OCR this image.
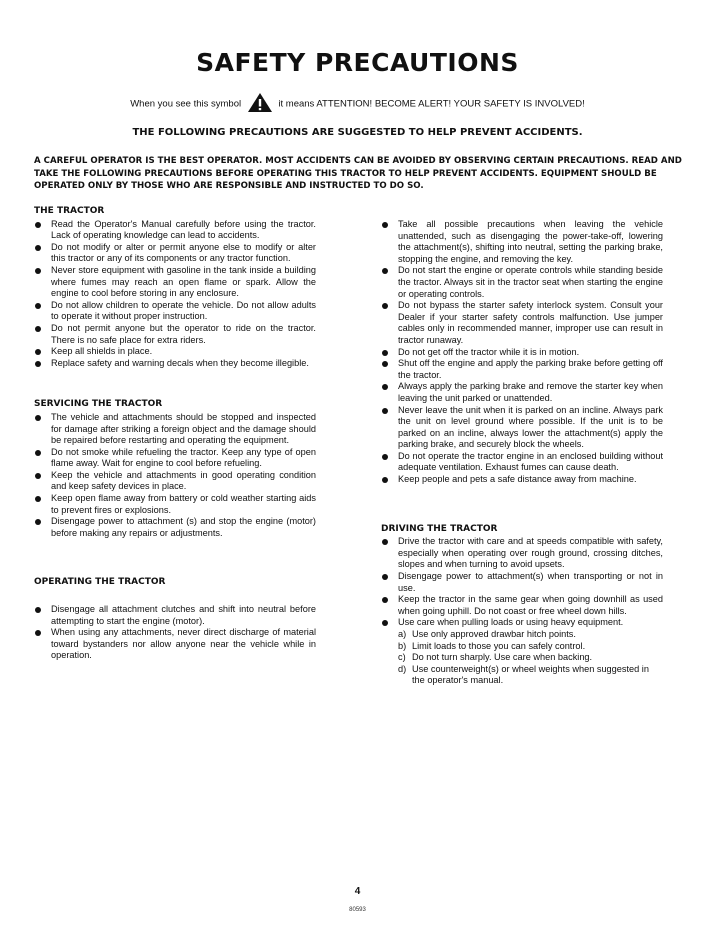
SAFETY PRECAUTIONS
When you see this symbol	it means ATTENTION! BECOME ALERT! YOUR SAFETY IS INVOLVED!
THE FOLLOWING PRECAUTIONS ARE SUGGESTED TO HELP PREVENT ACCIDENTS.
A CAREFUL OPERATOR IS THE BEST OPERATOR. MOST ACCIDENTS CAN BE AVOIDED BY OBSERVING CERTAIN PRECAUTIONS. READ AND TAKE THE FOLLOWING PRECAUTIONS BEFORE OPERATING THIS TRACTOR TO HELP PREVENT ACCIDENTS. EQUIPMENT SHOULD BE OPERATED ONLY BY THOSE WHO ARE RESPONSIBLE AND INSTRUCTED TO DO SO.
THE TRACTOR
Read the Operator's Manual carefully before using the tractor. Lack of operating knowledge can lead to accidents.
Do not modify or alter or permit anyone else to modify or alter this tractor or any of its components or any tractor function.
Never store equipment with gasoline in the tank inside a building where fumes may reach an open flame or spark. Allow the engine to cool before storing in any enclosure.
Do not allow children to operate the vehicle. Do not allow adults to operate it without proper instruction.
Do not permit anyone but the operator to ride on the tractor. There is no safe place for extra riders.
Keep all shields in place.
Replace safety and warning decals when they become illegible.
SERVICING THE TRACTOR
The vehicle and attachments should be stopped and inspected for damage after striking a foreign object and the damage should be repaired before restarting and operating the equipment.
Do not smoke while refueling the tractor. Keep any type of open flame away. Wait for engine to cool before refueling.
Keep the vehicle and attachments in good operating condition and keep safety devices in place.
Keep open flame away from battery or cold weather starting aids to prevent fires or explosions.
Disengage power to attachment (s) and stop the engine (motor) before making any repairs or adjustments.
OPERATING THE TRACTOR
Disengage all attachment clutches and shift into neutral before attempting to start the engine (motor).
When using any attachments, never direct discharge of material toward bystanders nor allow anyone near the vehicle while in operation.
Take all possible precautions when leaving the vehicle unattended, such as disengaging the power-take-off, lowering the attachment(s), shifting into neutral, setting the parking brake, stopping the engine, and removing the key.
Do not start the engine or operate controls while standing beside the tractor. Always sit in the tractor seat when starting the engine or operating controls.
Do not bypass the starter safety interlock system. Consult your Dealer if your starter safety controls malfunction. Use jumper cables only in recommended manner, improper use can result in tractor runaway.
Do not get off the tractor while it is in motion.
Shut off the engine and apply the parking brake before getting off the tractor.
Always apply the parking brake and remove the starter key when leaving the unit parked or unattended.
Never leave the unit when it is parked on an incline. Always park the unit on level ground where possible. If the unit is to be parked on an incline, always lower the attachment(s) apply the parking brake, and securely block the wheels.
Do not operate the tractor engine in an enclosed building without adequate ventilation. Exhaust fumes can cause death.
Keep people and pets a safe distance away from machine.
DRIVING THE TRACTOR
Drive the tractor with care and at speeds compatible with safety, especially when operating over rough ground, crossing ditches, slopes and when turning to avoid upsets.
Disengage power to attachment(s) when transporting or not in use.
Keep the tractor in the same gear when going downhill as used when going uphill. Do not coast or free wheel down hills.
Use care when pulling loads or using heavy equipment.
a) Use only approved drawbar hitch points.
b) Limit loads to those you can safely control.
c) Do not turn sharply. Use care when backing.
d) Use counterweight(s) or wheel weights when suggested in the operator's manual.
4
80593
